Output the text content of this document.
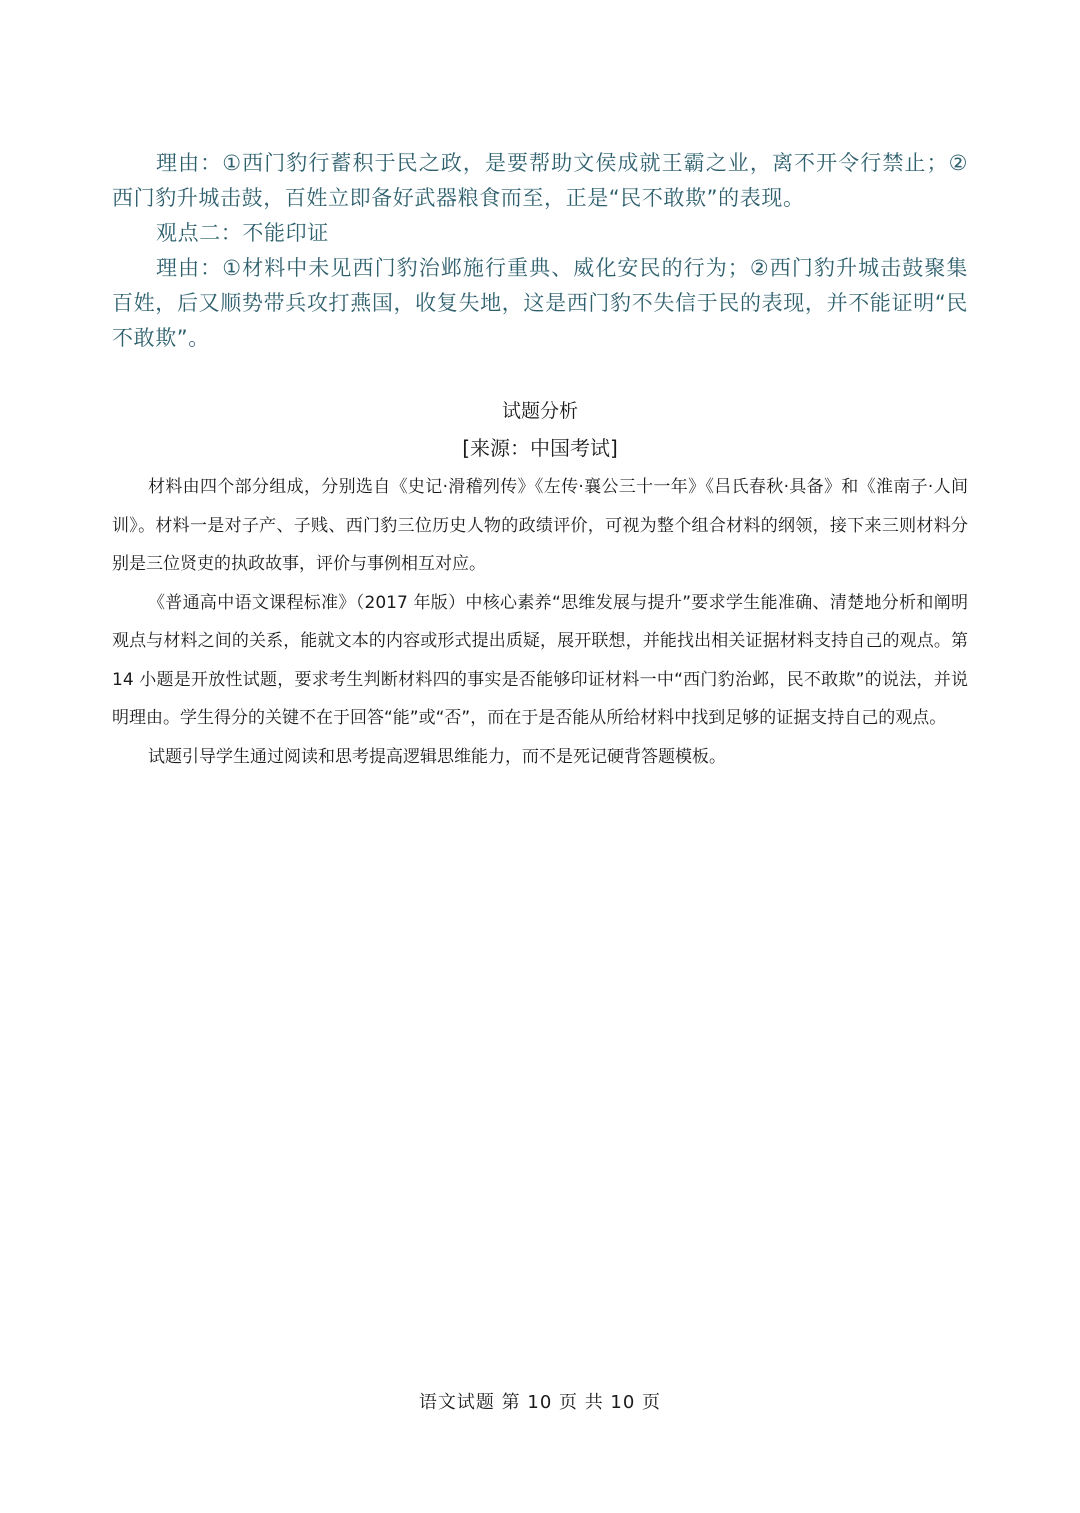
理由：①西门豹行蓄积于民之政，是要帮助文侯成就王霸之业，离不开令行禁止；②西门豹升城击鼓，百姓立即备好武器粮食而至，正是“民不敢欺”的表现。

观点二：不能印证

理由：①材料中未见西门豹治邺施行重典、威化安民的行为；②西门豹升城击鼓聚集百姓，后又顺势带兵攻打燕国，收复失地，这是西门豹不失信于民的表现，并不能证明“民不敢欺”。

试题分析
[来源：中国考试]

材料由四个部分组成，分别选自《史记·滑稽列传》《左传·襄公三十一年》《吕氏春秋·具备》和《淮南子·人间训》。材料一是对子产、子贱、西门豹三位历史人物的政绩评价，可视为整个组合材料的纲领，接下来三则材料分别是三位贤吏的执政故事，评价与事例相互对应。

《普通高中语文课程标准》（2017 年版）中核心素养“思维发展与提升”要求学生能准确、清楚地分析和阐明观点与材料之间的关系，能就文本的内容或形式提出质疑，展开联想，并能找出相关证据材料支持自己的观点。第 14 小题是开放性试题，要求考生判断材料四的事实是否能够印证材料一中“西门豹治邺，民不敢欺”的说法，并说明理由。学生得分的关键不在于回答“能”或“否”，而在于是否能从所给材料中找到足够的证据支持自己的观点。

试题引导学生通过阅读和思考提高逻辑思维能力，而不是死记硬背答题模板。

语文试题 第 10 页 共 10 页
